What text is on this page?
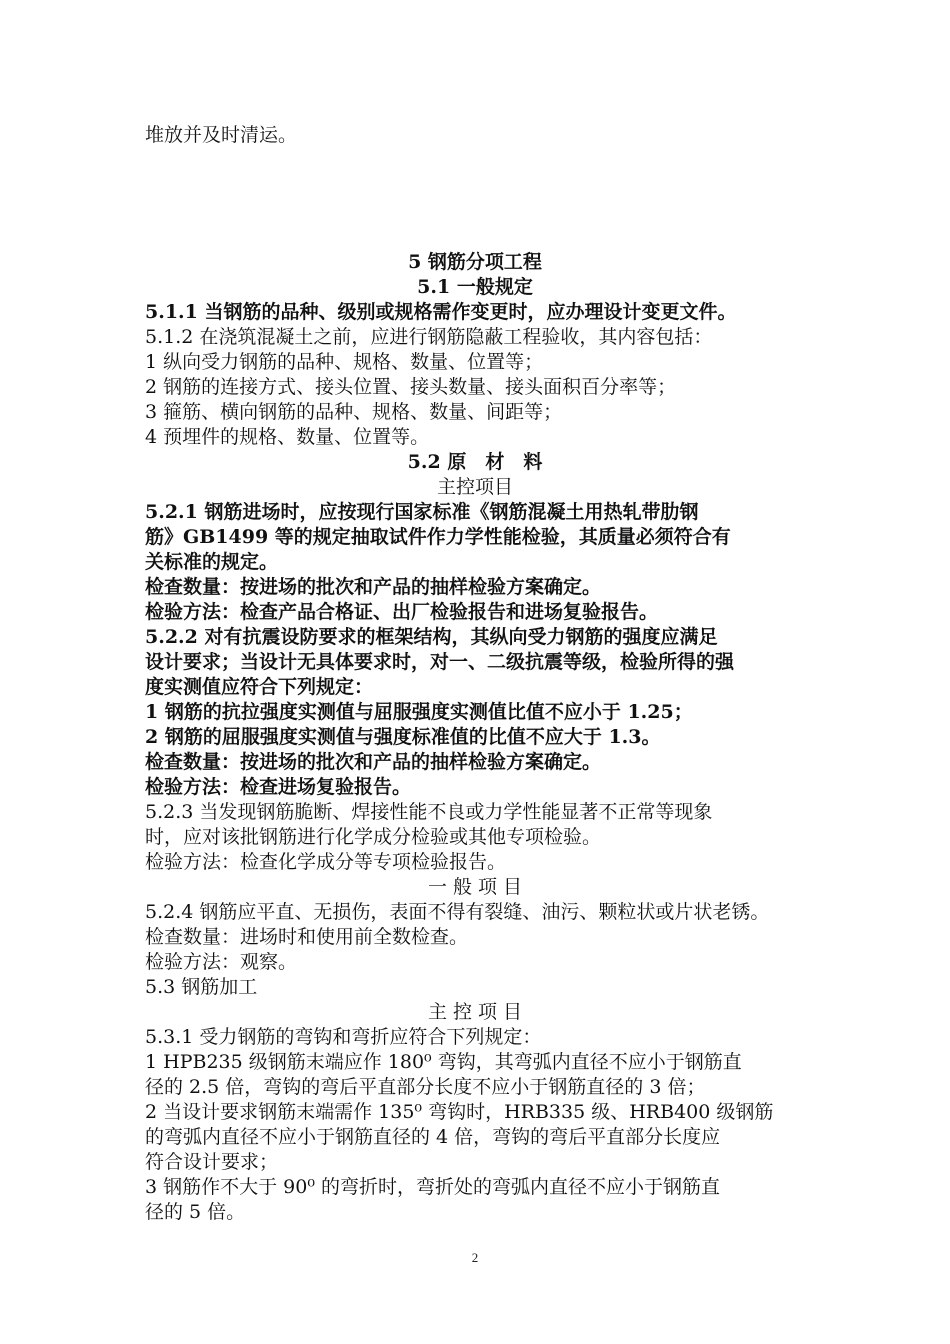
堆放并及时清运。
5 钢筋分项工程
5.1 一般规定
5.1.1 当钢筋的品种、级别或规格需作变更时，应办理设计变更文件。
5.1.2 在浇筑混凝土之前，应进行钢筋隐蔽工程验收，其内容包括：
1 纵向受力钢筋的品种、规格、数量、位置等；
2 钢筋的连接方式、接头位置、接头数量、接头面积百分率等；
3 箍筋、横向钢筋的品种、规格、数量、间距等；
4 预埋件的规格、数量、位置等。
5.2 原　材　料
主控项目
5.2.1 钢筋进场时，应按现行国家标准《钢筋混凝土用热轧带肋钢
筋》GB1499 等的规定抽取试件作力学性能检验，其质量必须符合有
关标准的规定。
检查数量：按进场的批次和产品的抽样检验方案确定。
检验方法：检查产品合格证、出厂检验报告和进场复验报告。
5.2.2 对有抗震设防要求的框架结构，其纵向受力钢筋的强度应满足
设计要求；当设计无具体要求时，对一、二级抗震等级，检验所得的强
度实测值应符合下列规定：
1 钢筋的抗拉强度实测值与屈服强度实测值比值不应小于 1.25；
2 钢筋的屈服强度实测值与强度标准值的比值不应大于 1.3。
检查数量：按进场的批次和产品的抽样检验方案确定。
检验方法：检查进场复验报告。
5.2.3 当发现钢筋脆断、焊接性能不良或力学性能显著不正常等现象
时，应对该批钢筋进行化学成分检验或其他专项检验。
检验方法：检查化学成分等专项检验报告。
一 般 项 目
5.2.4 钢筋应平直、无损伤，表面不得有裂缝、油污、颗粒状或片状老锈。
检查数量：进场时和使用前全数检查。
检验方法：观察。
5.3 钢筋加工
主 控 项 目
5.3.1 受力钢筋的弯钩和弯折应符合下列规定：
1 HPB235 级钢筋末端应作 180⁰ 弯钩，其弯弧内直径不应小于钢筋直
径的 2.5 倍，弯钩的弯后平直部分长度不应小于钢筋直径的 3 倍；
2 当设计要求钢筋末端需作 135⁰ 弯钩时，HRB335 级、HRB400 级钢筋
的弯弧内直径不应小于钢筋直径的 4 倍，弯钩的弯后平直部分长度应
符合设计要求；
3 钢筋作不大于 90⁰ 的弯折时，弯折处的弯弧内直径不应小于钢筋直
径的 5 倍。
2
